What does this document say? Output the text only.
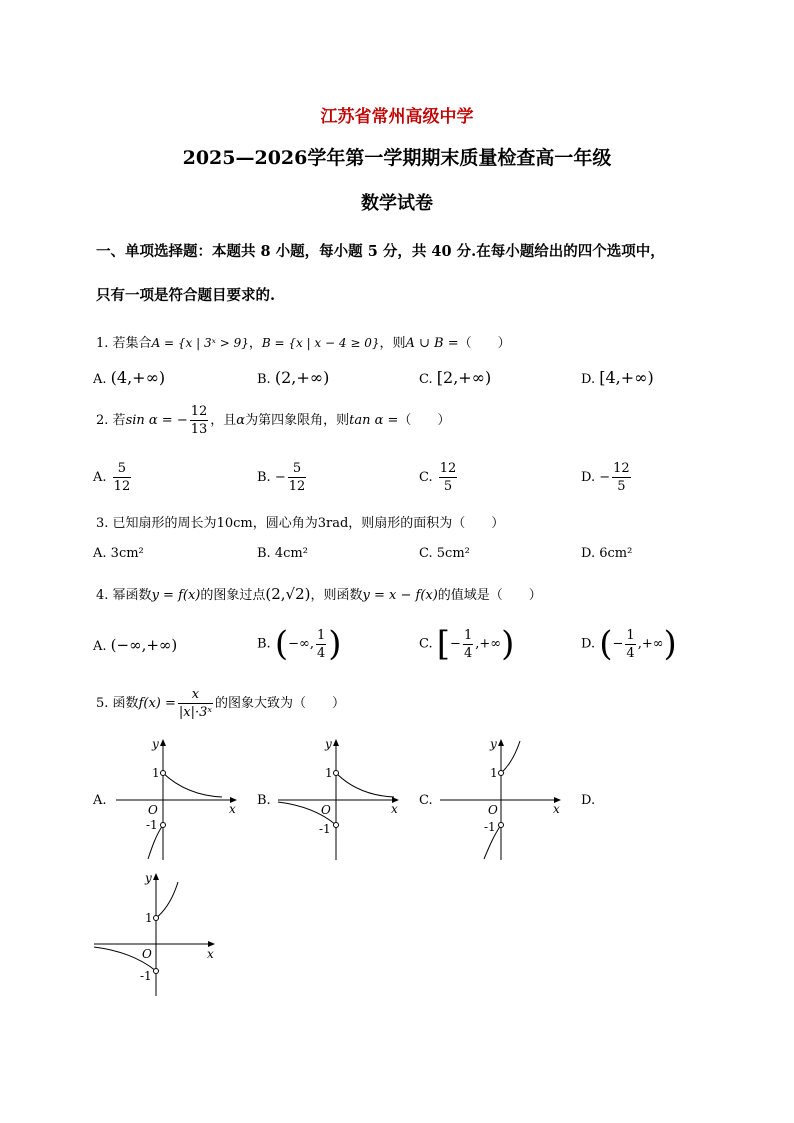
江苏省常州高级中学
2025—2026学年第一学期期末质量检查高一年级
数学试卷
一、单项选择题：本题共 8 小题，每小题 5 分，共 40 分.在每小题给出的四个选项中，
只有一项是符合题目要求的.
1. 若集合A = {x | 3ˣ > 9}，B = {x | x − 4 ≥ 0}，则A ∪ B =（　　）
A. (4,+∞)	B. (2,+∞)	C. [2,+∞)	D. [4,+∞)
2. 若sin α = − $\frac{12}{13}$ ，且α为第四象限角，则tan α =（　　）
A. $\frac{5}{12}$	B. − $\frac{5}{12}$	C. $\frac{12}{5}$	D. − $\frac{12}{5}$
3. 已知扇形的周长为10cm，圆心角为3rad，则扇形的面积为（　　）
A. 3cm²	B. 4cm²	C. 5cm²	D. 6cm²
4. 幂函数y = f(x)的图象过点(2,√2)，则函数y = x − f(x)的值域是（　　）
A. (−∞,+∞)	B. (−∞, $\frac{1}{4}$ )	C. [− $\frac{1}{4}$ ,+∞)	D. (− $\frac{1}{4}$ ,+∞)
5. 函数$f(x) = \frac{x}{\text{|x|·3ˣ}}$ 的图象大致为（　　）
A.	B.	C.	D.
y
x
O
1
-1
y
x
O
1
-1
y
x
O
1
-1
y
x
O
1
-1
